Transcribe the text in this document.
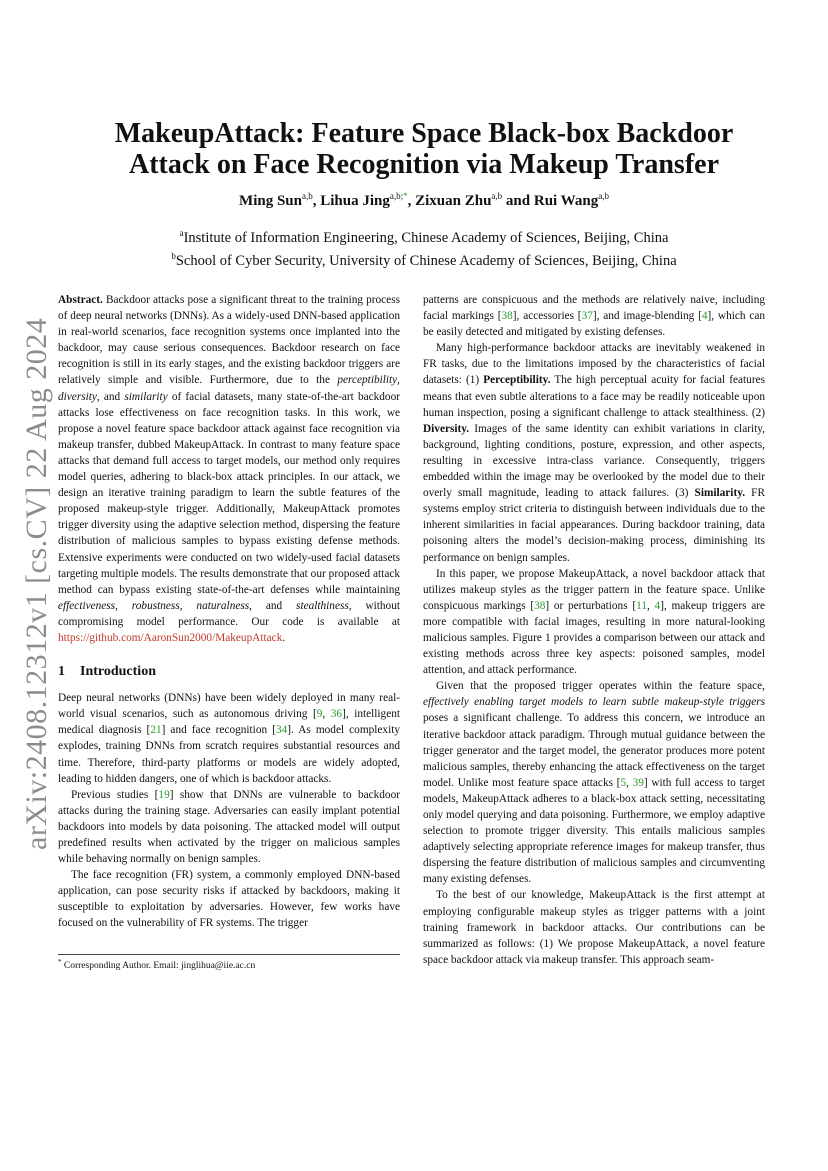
arXiv:2408.12312v1 [cs.CV] 22 Aug 2024
MakeupAttack: Feature Space Black-box Backdoor
Attack on Face Recognition via Makeup Transfer
Ming Sun$^{a,b}$, Lihua Jing$^{a,b;*}$, Zixuan Zhu$^{a,b}$ and Rui Wang$^{a,b}$
$^a$Institute of Information Engineering, Chinese Academy of Sciences, Beijing, China
$^b$School of Cyber Security, University of Chinese Academy of Sciences, Beijing, China

Abstract. Backdoor attacks pose a significant threat to the training process of deep neural networks (DNNs). As a widely-used DNN-based application in real-world scenarios, face recognition systems once implanted into the backdoor, may cause serious consequences. Backdoor research on face recognition is still in its early stages, and the existing backdoor triggers are relatively simple and visible. Furthermore, due to the perceptibility, diversity, and similarity of facial datasets, many state-of-the-art backdoor attacks lose effectiveness on face recognition tasks. In this work, we propose a novel feature space backdoor attack against face recognition via makeup transfer, dubbed MakeupAttack. In contrast to many feature space attacks that demand full access to target models, our method only requires model queries, adhering to black-box attack principles. In our attack, we design an iterative training paradigm to learn the subtle features of the proposed makeup-style trigger. Additionally, MakeupAttack promotes trigger diversity using the adaptive selection method, dispersing the feature distribution of malicious samples to bypass existing defense methods. Extensive experiments were conducted on two widely-used facial datasets targeting multiple models. The results demonstrate that our proposed attack method can bypass existing state-of-the-art defenses while maintaining effectiveness, robustness, naturalness, and stealthiness, without compromising model performance. Our code is available at https://github.com/AaronSun2000/MakeupAttack.

1 Introduction

Deep neural networks (DNNs) have been widely deployed in many real-world visual scenarios, such as autonomous driving [9, 36], intelligent medical diagnosis [21] and face recognition [34]. As model complexity explodes, training DNNs from scratch requires substantial resources and time. Therefore, third-party platforms or models are widely adopted, leading to hidden dangers, one of which is backdoor attacks.

Previous studies [19] show that DNNs are vulnerable to backdoor attacks during the training stage. Adversaries can easily implant potential backdoors into models by data poisoning. The attacked model will output predefined results when activated by the trigger on malicious samples while behaving normally on benign samples.

The face recognition (FR) system, a commonly employed DNN-based application, can pose security risks if attacked by backdoors, making it susceptible to exploitation by adversaries. However, few works have focused on the vulnerability of FR systems. The trigger

* Corresponding Author. Email: jinglihua@iie.ac.cn

patterns are conspicuous and the methods are relatively naive, including facial markings [38], accessories [37], and image-blending [4], which can be easily detected and mitigated by existing defenses.

Many high-performance backdoor attacks are inevitably weakened in FR tasks, due to the limitations imposed by the characteristics of facial datasets: (1) Perceptibility. The high perceptual acuity for facial features means that even subtle alterations to a face may be readily noticeable upon human inspection, posing a significant challenge to attack stealthiness. (2) Diversity. Images of the same identity can exhibit variations in clarity, background, lighting conditions, posture, expression, and other aspects, resulting in excessive intra-class variance. Consequently, triggers embedded within the image may be overlooked by the model due to their overly small magnitude, leading to attack failures. (3) Similarity. FR systems employ strict criteria to distinguish between individuals due to the inherent similarities in facial appearances. During backdoor training, data poisoning alters the model’s decision-making process, diminishing its performance on benign samples.

In this paper, we propose MakeupAttack, a novel backdoor attack that utilizes makeup styles as the trigger pattern in the feature space. Unlike conspicuous markings [38] or perturbations [11, 4], makeup triggers are more compatible with facial images, resulting in more natural-looking malicious samples. Figure 1 provides a comparison between our attack and existing methods across three key aspects: poisoned samples, model attention, and attack performance.

Given that the proposed trigger operates within the feature space, effectively enabling target models to learn subtle makeup-style triggers poses a significant challenge. To address this concern, we introduce an iterative backdoor attack paradigm. Through mutual guidance between the trigger generator and the target model, the generator produces more potent malicious samples, thereby enhancing the attack effectiveness on the target model. Unlike most feature space attacks [5, 39] with full access to target models, MakeupAttack adheres to a black-box attack setting, necessitating only model querying and data poisoning. Furthermore, we employ adaptive selection to promote trigger diversity. This entails malicious samples adaptively selecting appropriate reference images for makeup transfer, thus dispersing the feature distribution of malicious samples and circumventing many existing defenses.

To the best of our knowledge, MakeupAttack is the first attempt at employing configurable makeup styles as trigger patterns with a joint training framework in backdoor attacks. Our contributions can be summarized as follows: (1) We propose MakeupAttack, a novel feature space backdoor attack via makeup transfer. This approach seam-
